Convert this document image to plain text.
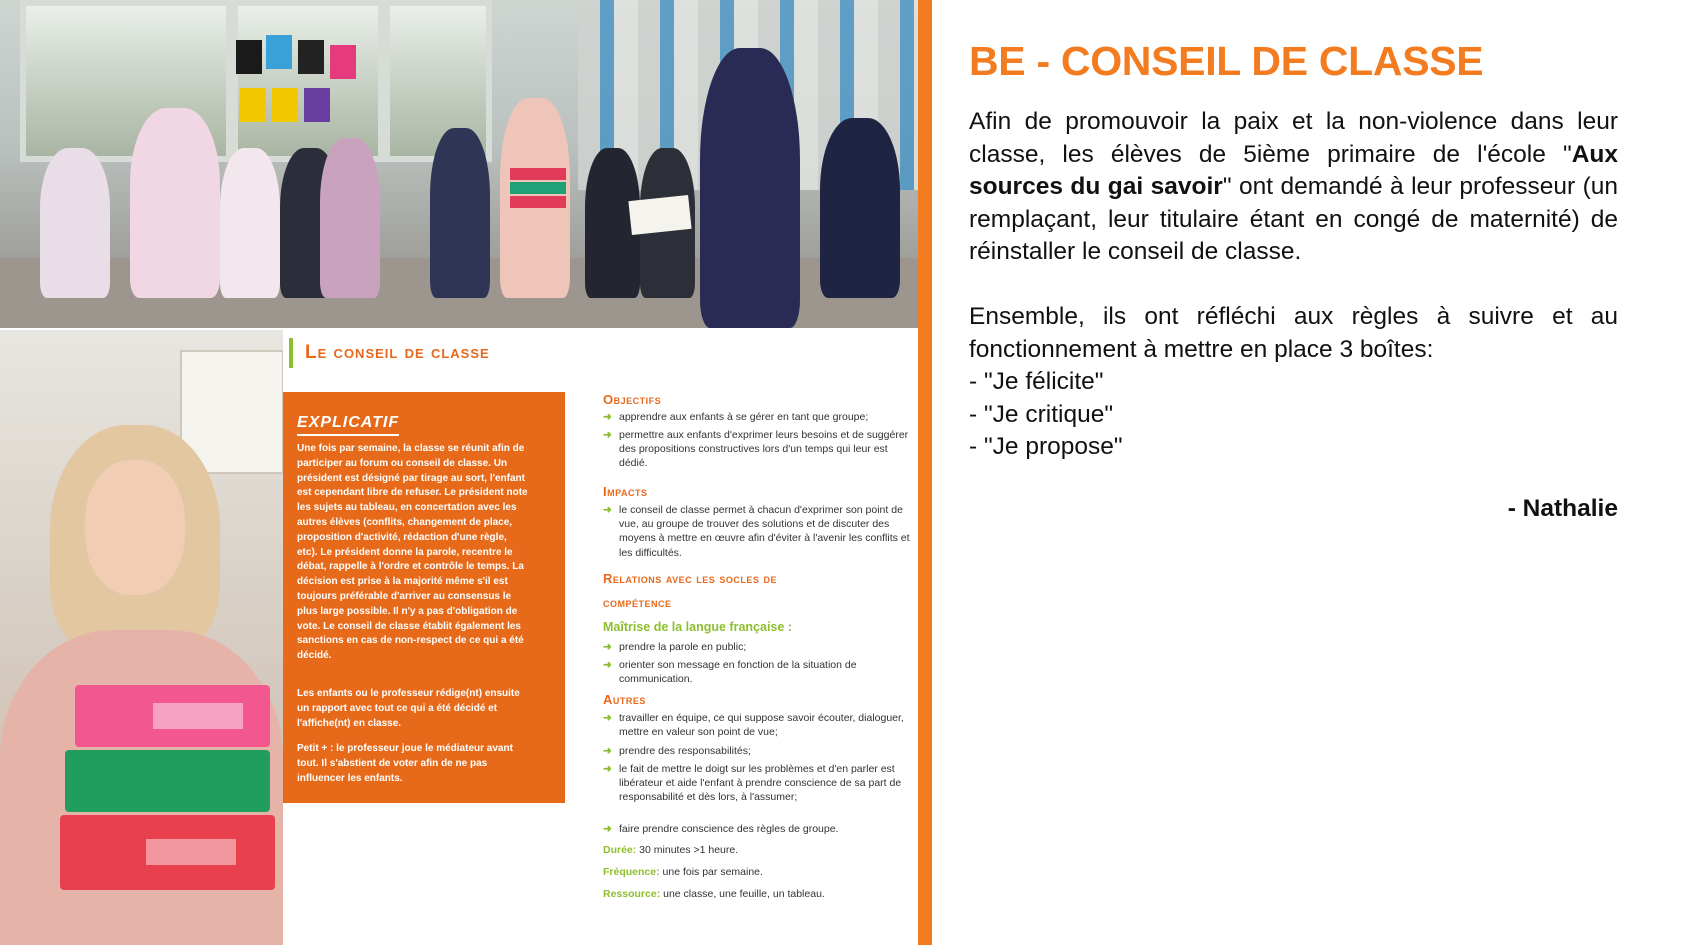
Le conseil de classe
EXPLICATIF
Une fois par semaine, la classe se réunit afin de participer au forum ou conseil de classe. Un président est désigné par tirage au sort, l'enfant est cependant libre de refuser. Le président note les sujets au tableau, en concertation avec les autres élèves (conflits, changement de place, proposition d'activité, rédaction d'une règle, etc). Le président donne la parole, recentre le débat, rappelle à l'ordre et contrôle le temps. La décision est prise à la majorité même s'il est toujours préférable d'arriver au consensus le plus large possible. Il n'y a pas d'obligation de vote. Le conseil de classe établit également les sanctions en cas de non-respect de ce qui a été décidé.
Les enfants ou le professeur rédige(nt) ensuite un rapport avec tout ce qui a été décidé et l'affiche(nt) en classe.
Petit + : le professeur joue le médiateur avant tout. Il s'abstient de voter afin de ne pas influencer les enfants.
Objectifs
➜ apprendre aux enfants à se gérer en tant que groupe;
➜ permettre aux enfants d'exprimer leurs besoins et de suggérer des propositions constructives lors d'un temps qui leur est dédié.
Impacts
➜ le conseil de classe permet à chacun d'exprimer son point de vue, au groupe de trouver des solutions et de discuter des moyens à mettre en œuvre afin d'éviter à l'avenir les conflits et les difficultés.
Relations avec les socles de
compétence
Maîtrise de la langue française :
➜ prendre la parole en public;
➜ orienter son message en fonction de la situation de communication.
Autres
➜ travailler en équipe, ce qui suppose savoir écouter, dialoguer, mettre en valeur son point de vue;
➜ prendre des responsabilités;
➜ le fait de mettre le doigt sur les problèmes et d'en parler est libérateur et aide l'enfant à prendre conscience de sa part de responsabilité et dès lors, à l'assumer;
➜ faire prendre conscience des règles de groupe.
Durée: 30 minutes >1 heure.
Fréquence: une fois par semaine.
Ressource: une classe, une feuille, un tableau.
BE - CONSEIL DE CLASSE

Afin de promouvoir la paix et la non-violence dans leur classe, les élèves de 5ième primaire de l'école "Aux sources du gai savoir" ont demandé à leur professeur (un remplaçant, leur titulaire étant en congé de maternité) de réinstaller le conseil de classe.

Ensemble, ils ont réfléchi aux règles à suivre et au fonctionnement à mettre en place 3 boîtes:

- "Je félicite"

- "Je critique"

- "Je propose"

- Nathalie
